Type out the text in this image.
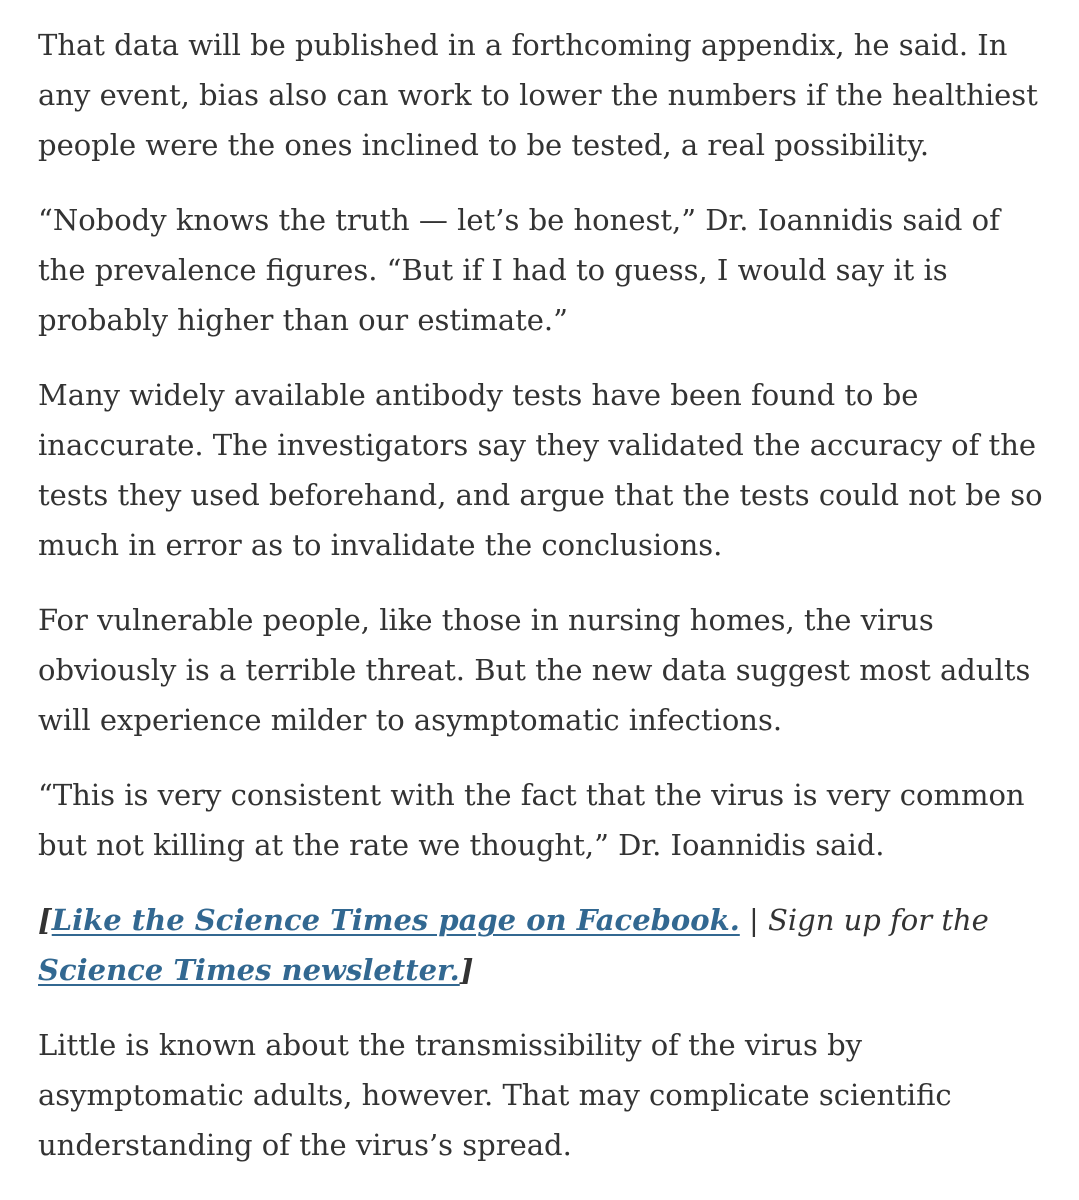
That data will be published in a forthcoming appendix, he said. In any event, bias also can work to lower the numbers if the healthiest people were the ones inclined to be tested, a real possibility.

“Nobody knows the truth — let’s be honest,” Dr. Ioannidis said of the prevalence figures. “But if I had to guess, I would say it is probably higher than our estimate.”

Many widely available antibody tests have been found to be inaccurate. The investigators say they validated the accuracy of the tests they used beforehand, and argue that the tests could not be so much in error as to invalidate the conclusions.

For vulnerable people, like those in nursing homes, the virus obviously is a terrible threat. But the new data suggest most adults will experience milder to asymptomatic infections.

“This is very consistent with the fact that the virus is very common but not killing at the rate we thought,” Dr. Ioannidis said.

[Like the Science Times page on Facebook. | Sign up for the Science Times newsletter.]

Little is known about the transmissibility of the virus by asymptomatic adults, however. That may complicate scientific understanding of the virus’s spread.
